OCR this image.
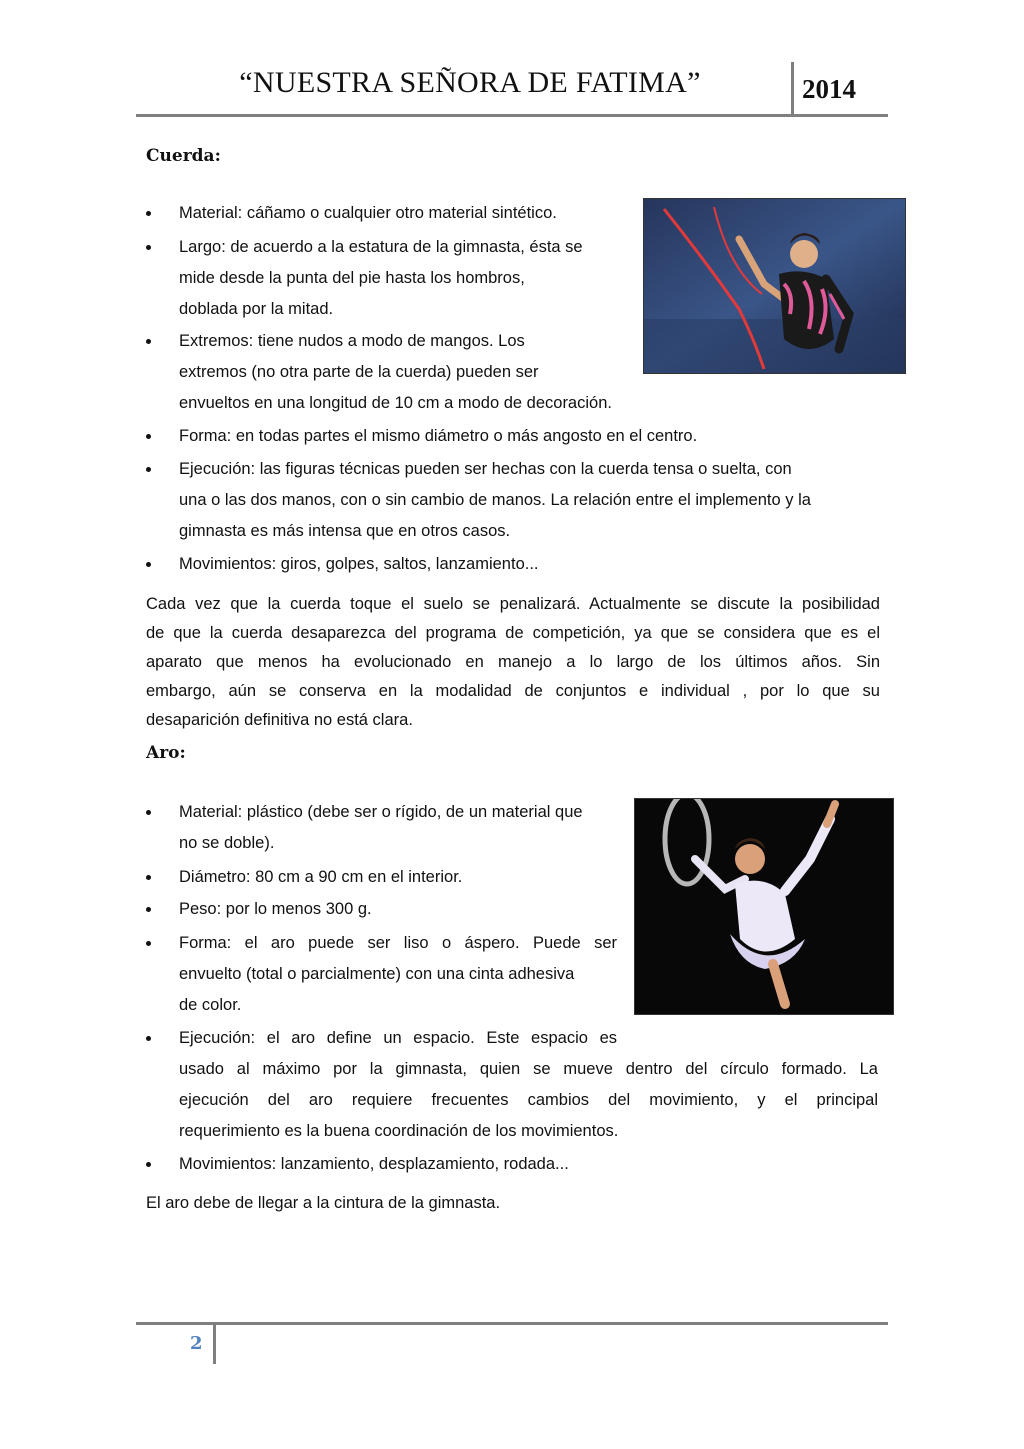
“NUESTRA SEÑORA DE FATIMA”	2014
Cuerda:
Material: cáñamo o cualquier otro material sintético.
Largo: de acuerdo a la estatura de la gimnasta, ésta se
mide desde la punta del pie hasta los hombros,
doblada por la mitad.
Extremos: tiene nudos a modo de mangos. Los
extremos (no otra parte de la cuerda) pueden ser
envueltos en una longitud de 10 cm a modo de decoración.
Forma: en todas partes el mismo diámetro o más angosto en el centro.
Ejecución: las figuras técnicas pueden ser hechas con la cuerda tensa o suelta, con
una o las dos manos, con o sin cambio de manos. La relación entre el implemento y la
gimnasta es más intensa que en otros casos.
Movimientos: giros, golpes, saltos, lanzamiento...

Cada vez que la cuerda toque el suelo se penalizará. Actualmente se discute la posibilidad
de que la cuerda desaparezca del programa de competición, ya que se considera que es el
aparato que menos ha evolucionado en manejo a lo largo de los últimos años. Sin
embargo, aún se conserva en la modalidad de conjuntos e individual , por lo que su
desaparición definitiva no está clara.

Aro:
Material: plástico (debe ser o rígido, de un material que
no se doble).
Diámetro: 80 cm a 90 cm en el interior.
Peso: por lo menos 300 g.
Forma: el aro puede ser liso o áspero. Puede ser
envuelto (total o parcialmente) con una cinta adhesiva
de color.
Ejecución: el aro define un espacio. Este espacio es
usado al máximo por la gimnasta, quien se mueve dentro del círculo formado. La
ejecución del aro requiere frecuentes cambios del movimiento, y el principal
requerimiento es la buena coordinación de los movimientos.
Movimientos: lanzamiento, desplazamiento, rodada...

El aro debe de llegar a la cintura de la gimnasta.

2
